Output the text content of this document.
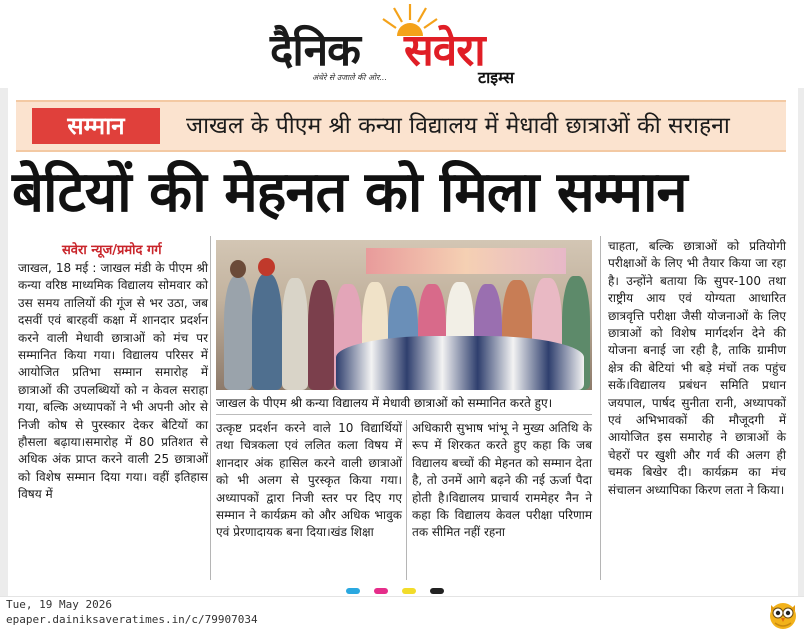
दैनिक सवेरा
अंधेरे से उजाले की ओर...	टाइम्स
सम्मान	जाखल के पीएम श्री कन्या विद्यालय में मेधावी छात्राओं की सराहना
बेटियों की मेहनत को मिला सम्मान
सवेरा न्यूज/प्रमोद गर्ग

जाखल, 18 मई : जाखल मंडी के पीएम श्री कन्या वरिष्ठ माध्यमिक विद्यालय सोमवार को उस समय तालियों की गूंज से भर उठा, जब दसवीं एवं बारहवीं कक्षा में शानदार प्रदर्शन करने वाली मेधावी छात्राओं को मंच पर सम्मानित किया गया। विद्यालय परिसर में आयोजित प्रतिभा सम्मान समारोह में छात्राओं की उपलब्धियों को न केवल सराहा गया, बल्कि अध्यापकों ने भी अपनी ओर से निजी कोष से पुरस्कार देकर बेटियों का हौसला बढ़ाया।समारोह में 80 प्रतिशत से अधिक अंक प्राप्त करने वाली 25 छात्राओं को विशेष सम्मान दिया गया। वहीं इतिहास विषय में

जाखल के पीएम श्री कन्या विद्यालय में मेधावी छात्राओं को सम्मानित करते हुए।

उत्कृष्ट प्रदर्शन करने वाले 10 विद्यार्थियों तथा चित्रकला एवं ललित कला विषय में शानदार अंक हासिल करने वाली छात्राओं को भी अलग से पुरस्कृत किया गया। अध्यापकों द्वारा निजी स्तर पर दिए गए सम्मान ने कार्यक्रम को और अधिक भावुक एवं प्रेरणादायक बना दिया।खंड शिक्षा

अधिकारी सुभाष भांभू ने मुख्य अतिथि के रूप में शिरकत करते हुए कहा कि जब विद्यालय बच्चों की मेहनत को सम्मान देता है, तो उनमें आगे बढ़ने की नई ऊर्जा पैदा होती है।विद्यालय प्राचार्य राममेहर नैन ने कहा कि विद्यालय केवल परीक्षा परिणाम तक सीमित नहीं रहना

चाहता, बल्कि छात्राओं को प्रतियोगी परीक्षाओं के लिए भी तैयार किया जा रहा है। उन्होंने बताया कि सुपर-100 तथा राष्ट्रीय आय एवं योग्यता आधारित छात्रवृत्ति परीक्षा जैसी योजनाओं के लिए छात्राओं को विशेष मार्गदर्शन देने की योजना बनाई जा रही है, ताकि ग्रामीण क्षेत्र की बेटियां भी बड़े मंचों तक पहुंच सकें।विद्यालय प्रबंधन समिति प्रधान जयपाल, पार्षद सुनीता रानी, अध्यापकों एवं अभिभावकों की मौजूदगी में आयोजित इस समारोह ने छात्राओं के चेहरों पर खुशी और गर्व की अलग ही चमक बिखेर दी। कार्यक्रम का मंच संचालन अध्यापिका किरण लता ने किया।

Tue, 19 May 2026
epaper.dainiksaveratimes.in/c/79907034
